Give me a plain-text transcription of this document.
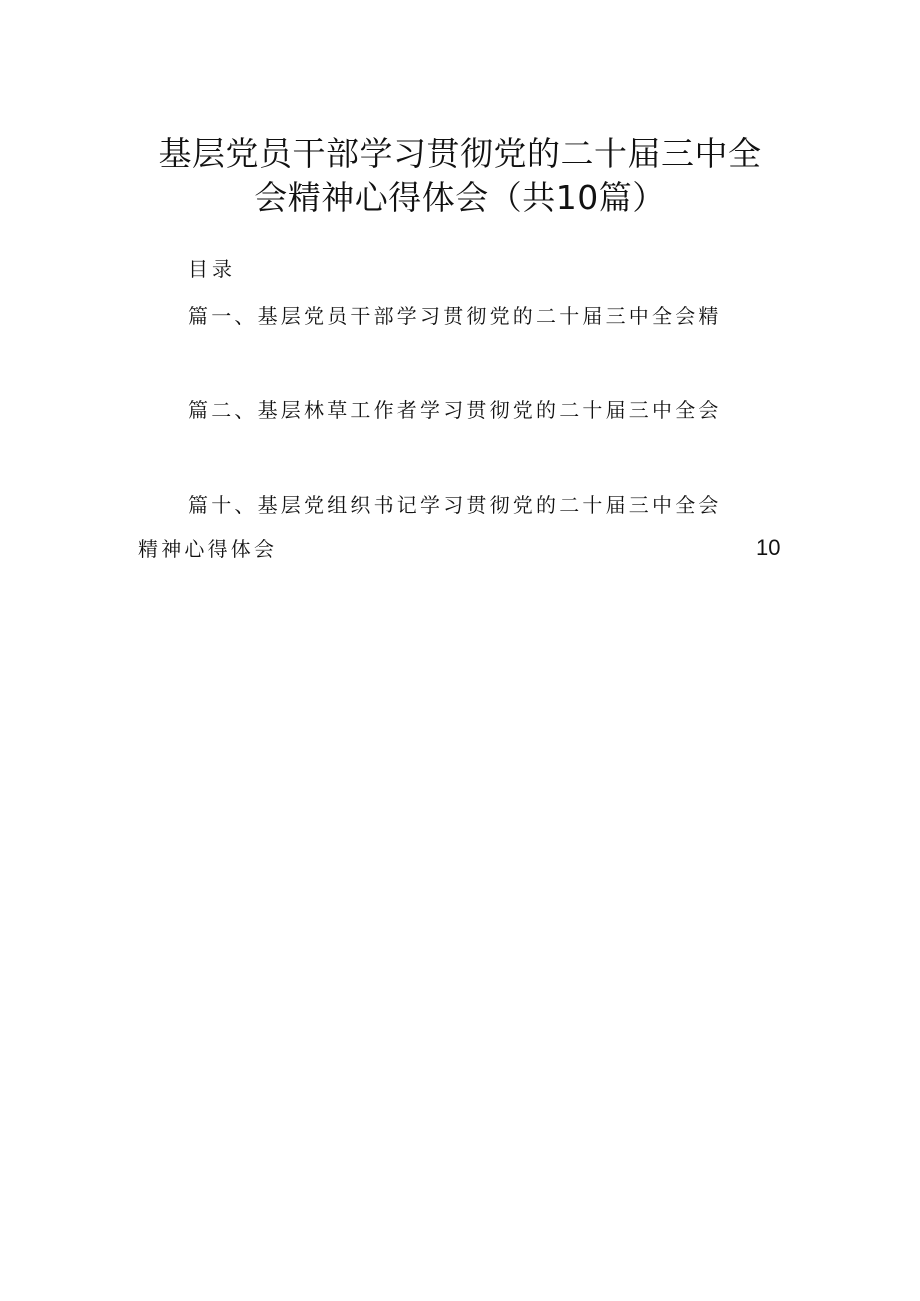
基层党员干部学习贯彻党的二十届三中全
会精神心得体会（共10篇）
目录
篇一、基层党员干部学习贯彻党的二十届三中全会精
篇二、基层林草工作者学习贯彻党的二十届三中全会
篇十、基层党组织书记学习贯彻党的二十届三中全会
精神心得体会	10
